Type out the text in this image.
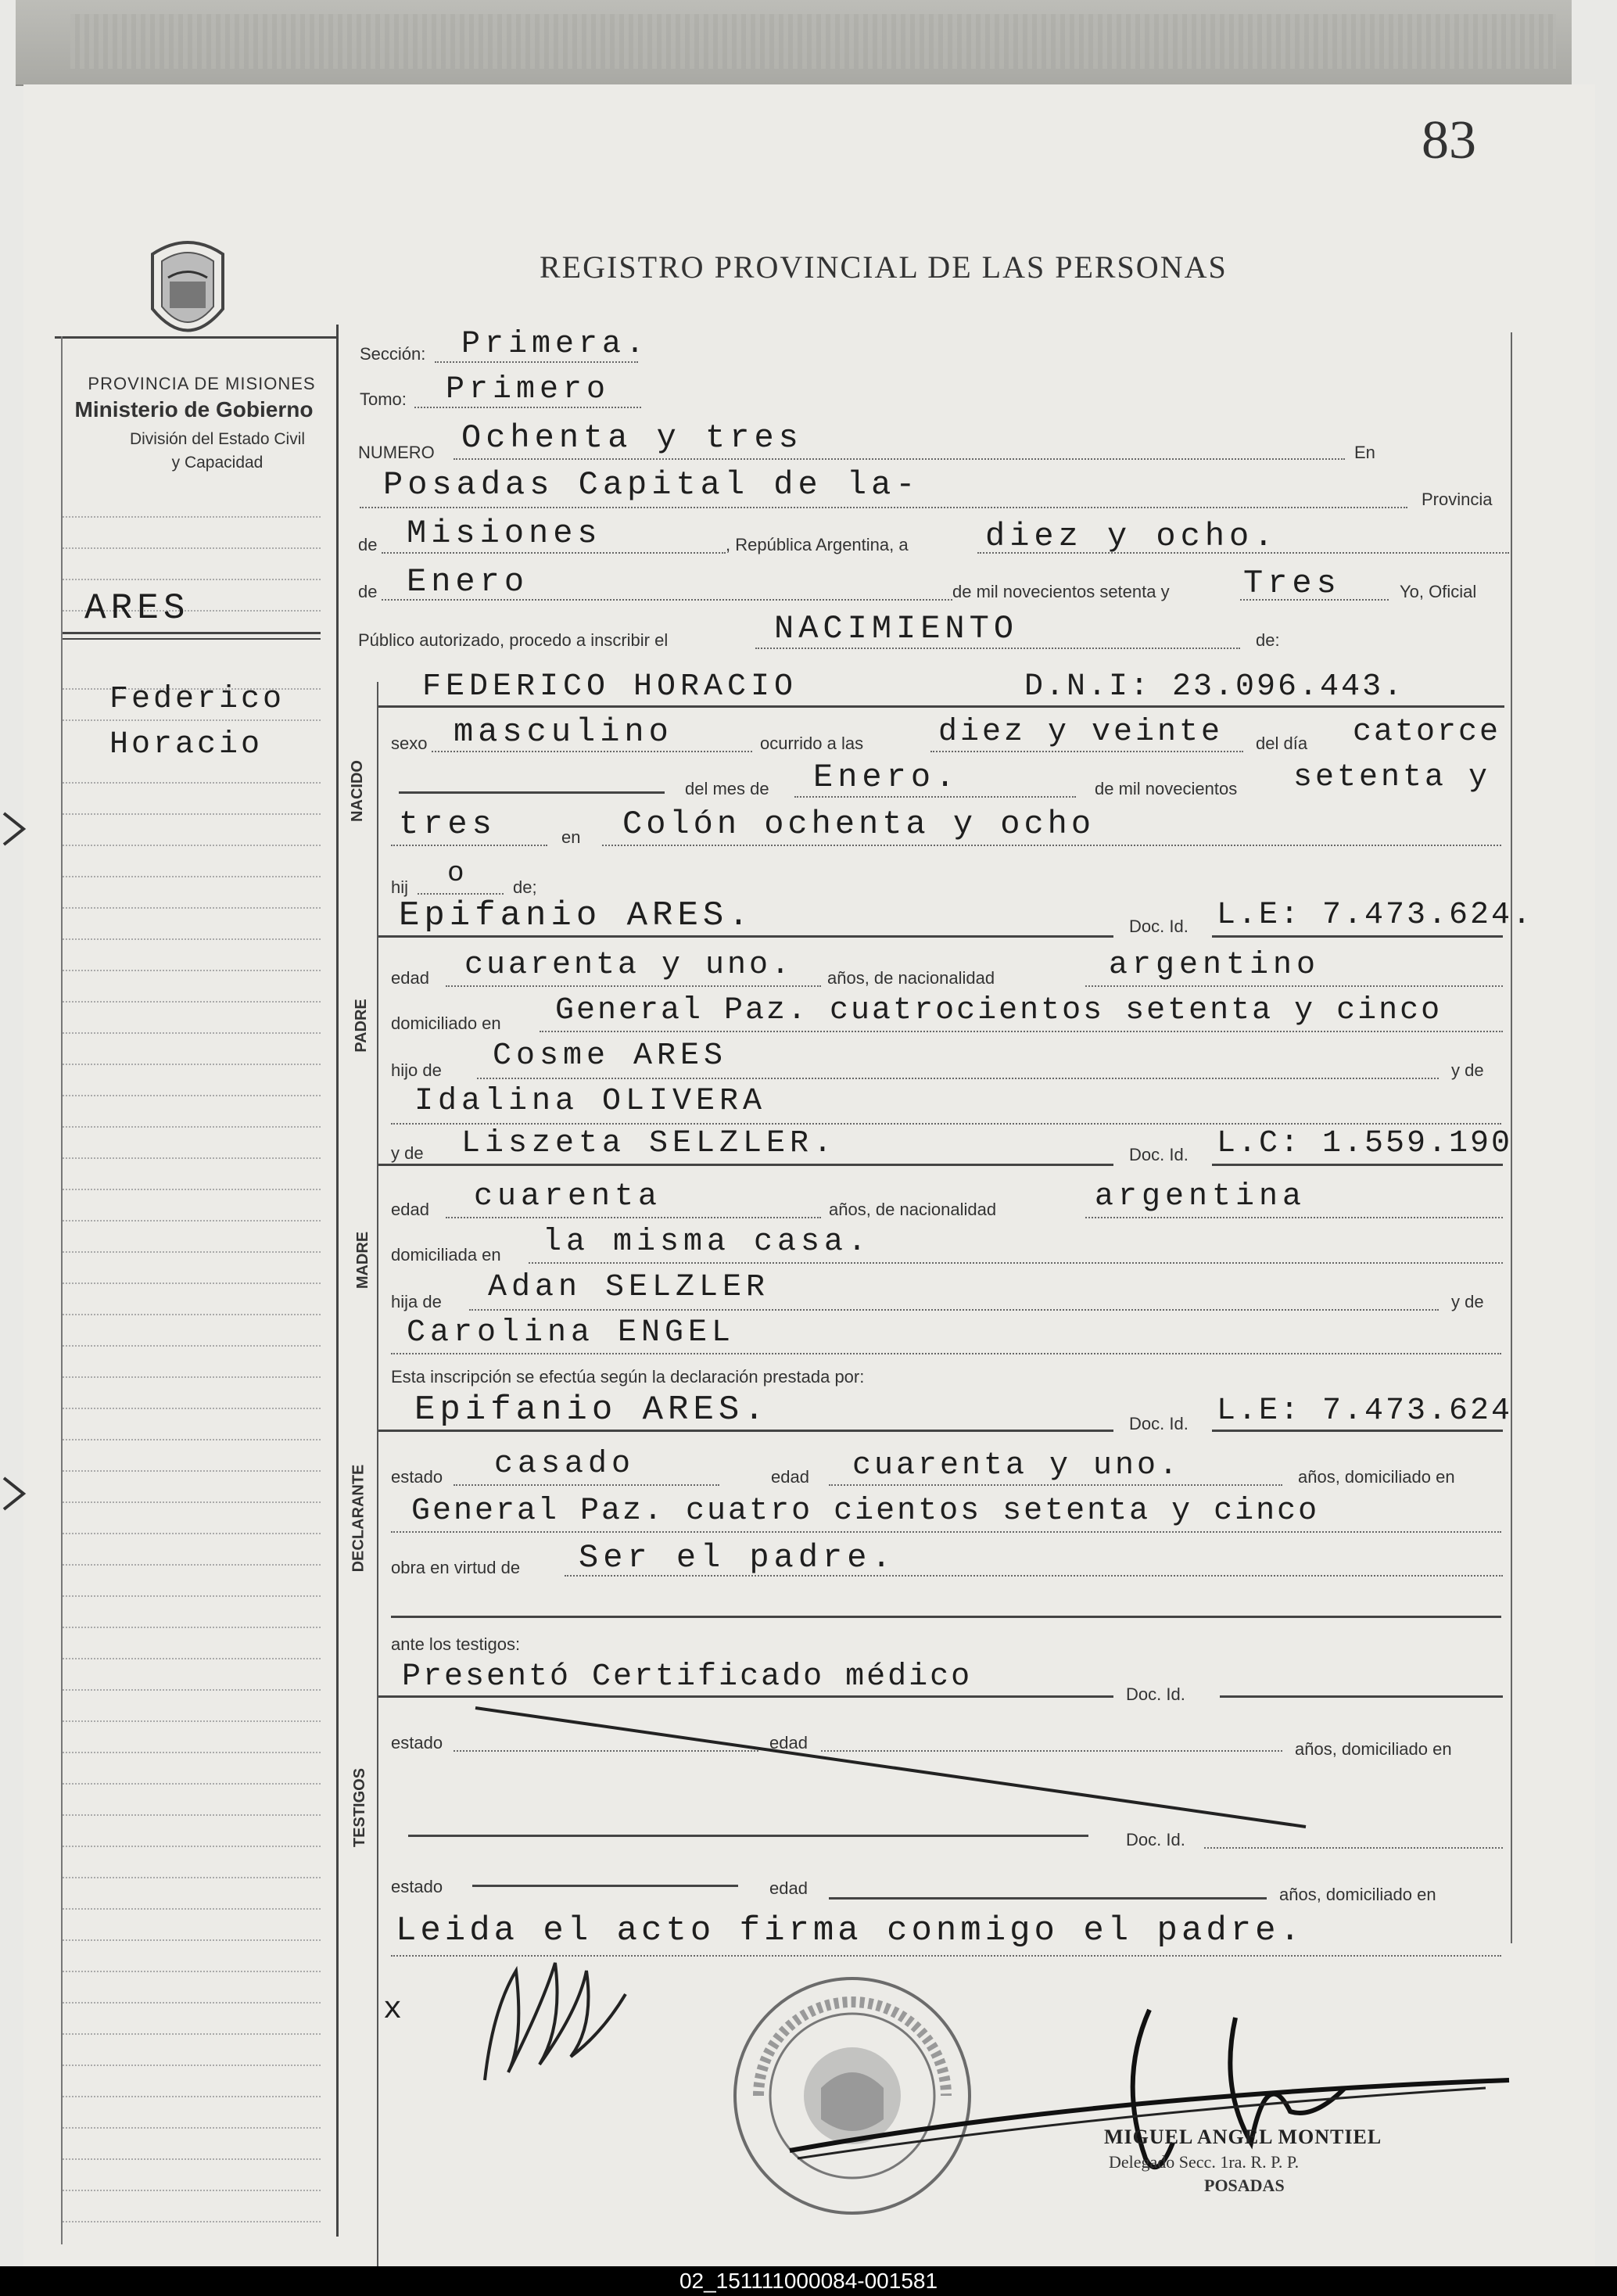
83
REGISTRO PROVINCIAL DE LAS PERSONAS
PROVINCIA DE MISIONES
Ministerio de Gobierno
División del Estado Civil
y Capacidad
ARES
Federico
Horacio
Sección: Primera.
Tomo: Primero
NUMERO Ochenta y tres	En
Posadas Capital de la-	Provincia
de Misiones	, República Argentina, a diez y ocho.
de Enero	de mil novecientos setenta y Tres	Yo, Oficial
Público autorizado, procedo a inscribir el	NACIMIENTO	de:
NACIDO
PADRE
MADRE
DECLARANTE
TESTIGOS
FEDERICO HORACIO	D.N.I: 23.096.443.
sexo masculino	ocurrido a las diez y veinte del día catorce
del mes de Enero.	de mil novecientos setenta y
tres	en Colón ochenta y ocho
hij o	de;
Epifanio ARES.	Doc. Id. L.E: 7.473.624.
edad cuarenta y uno. años, de nacionalidad	argentino
domiciliado en General Paz. cuatrocientos setenta y cinco
hijo de Cosme ARES	y de
Idalina OLIVERA
y de Liszeta SELZLER.	Doc. Id. L.C: 1.559.190
edad cuarenta	años, de nacionalidad	argentina
domiciliada en la misma casa.
hija de Adan SELZLER	y de
Carolina ENGEL
Esta inscripción se efectúa según la declaración prestada por:
Epifanio ARES.	Doc. Id. L.E: 7.473.624
estado casado	edad cuarenta y uno.	años, domiciliado en
General Paz. cuatro cientos setenta y cinco
obra en virtud de Ser el padre.
ante los testigos:
Presentó Certificado médico	Doc. Id.
estado	edad	años, domiciliado en
Doc. Id.
estado	edad	años, domiciliado en
Leida el acto firma conmigo el padre.
x
MIGUEL ANGEL MONTIEL
Delegado Secc. 1ra. R. P. P.
POSADAS
02_151111000084-001581
